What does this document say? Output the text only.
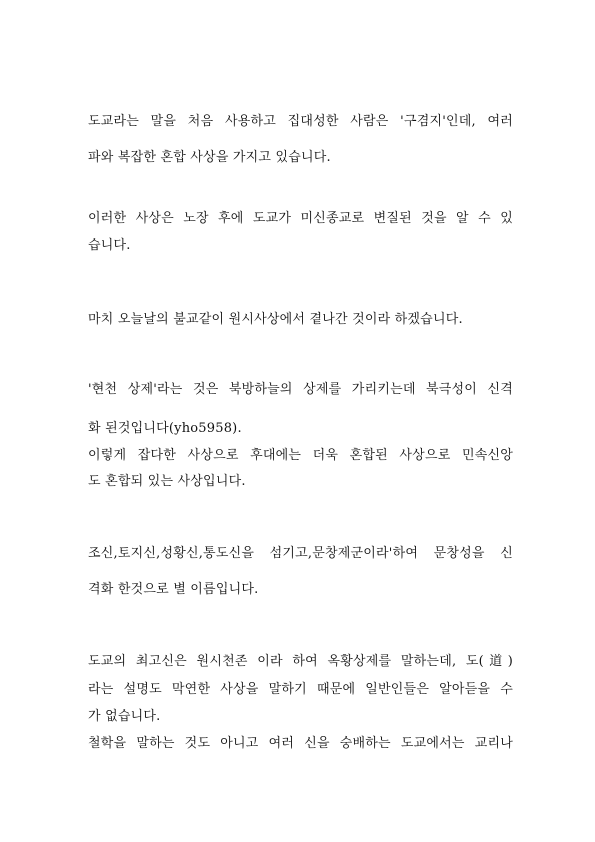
도교라는 말을 처음 사용하고 집대성한 사람은 '구겸지'인데, 여러
파와 복잡한 혼합 사상을 가지고 있습니다.
이러한 사상은 노장 후에 도교가 미신종교로 변질된 것을 알 수 있
습니다.
마치 오늘날의 불교같이 원시사상에서 곁나간 것이라 하겠습니다.
'현천 상제'라는 것은 북방하늘의 상제를 가리키는데 북극성이 신격
화 된것입니다(yho5958).
이렇게 잡다한 사상으로 후대에는 더욱 혼합된 사상으로 민속신앙
도 혼합되 있는 사상입니다.
조신,토지신,성황신,통도신을 섬기고,문창제군이라'하여 문창성을 신
격화 한것으로 별 이름입니다.
도교의 최고신은 원시천존 이라 하여 옥황상제를 말하는데, 도(道)
라는 설명도 막연한 사상을 말하기 때문에 일반인들은 알아듣을 수
가 없습니다.
철학을 말하는 것도 아니고 여러 신을 숭배하는 도교에서는 교리나
